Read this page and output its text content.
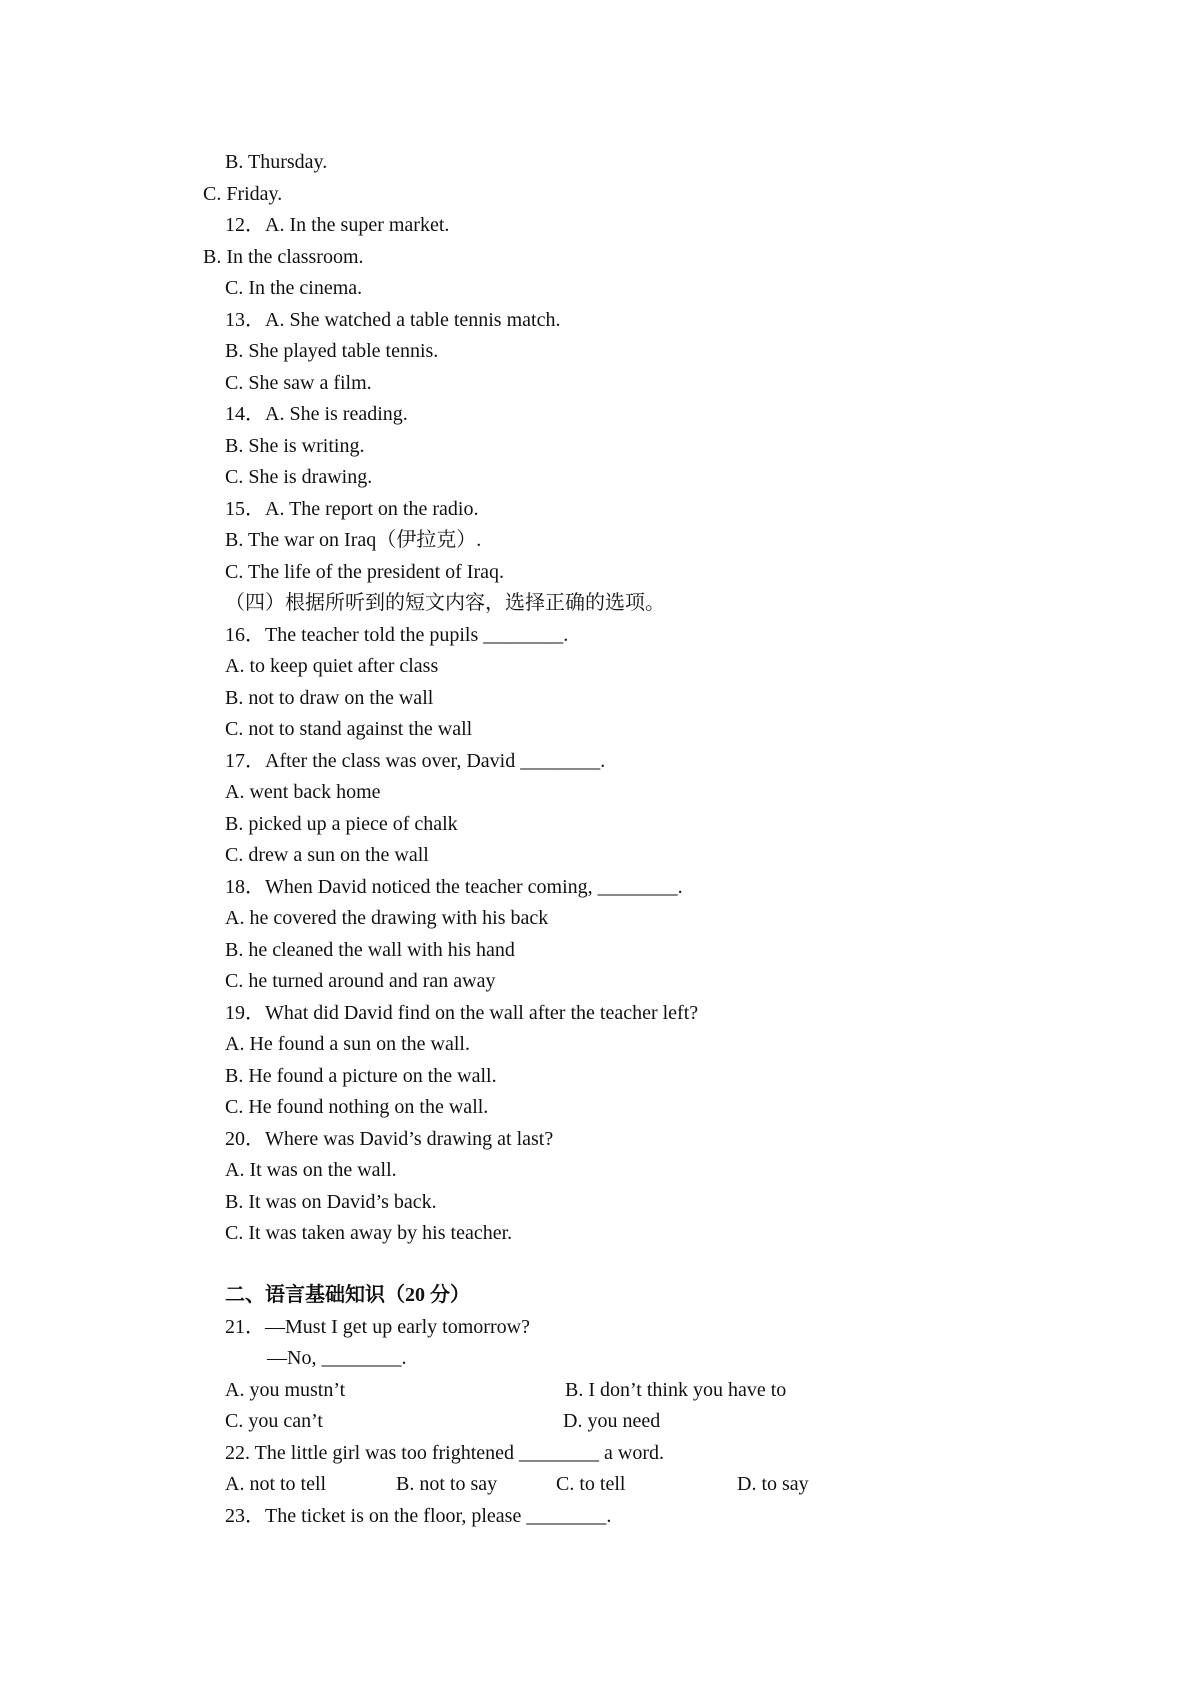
B. Thursday.
C. Friday.
12．A. In the super market.
B. In the classroom.
C. In the cinema.
13．A. She watched a table tennis match.
B. She played table tennis.
C. She saw a film.
14．A. She is reading.
B. She is writing.
C. She is drawing.
15．A. The report on the radio.
B. The war on Iraq（伊拉克）.
C. The life of the president of Iraq.
（四）根据所听到的短文内容，选择正确的选项。
16．The teacher told the pupils ________.
A. to keep quiet after class
B. not to draw on the wall
C. not to stand against the wall
17．After the class was over, David ________.
A. went back home
B. picked up a piece of chalk
C. drew a sun on the wall
18．When David noticed the teacher coming, ________.
A. he covered the drawing with his back
B. he cleaned the wall with his hand
C. he turned around and ran away
19．What did David find on the wall after the teacher left?
A. He found a sun on the wall.
B. He found a picture on the wall.
C. He found nothing on the wall.
20．Where was David’s drawing at last?
A. It was on the wall.
B. It was on David’s back.
C. It was taken away by his teacher.
二、语言基础知识（20 分）
21．—Must I get up early tomorrow?
—No, ________.
A. you mustn’t	B. I don’t think you have to
C. you can’t	D. you need
22. The little girl was too frightened ________ a word.
A. not to tell	B. not to say	C. to tell	D. to say
23．The ticket is on the floor, please ________.
